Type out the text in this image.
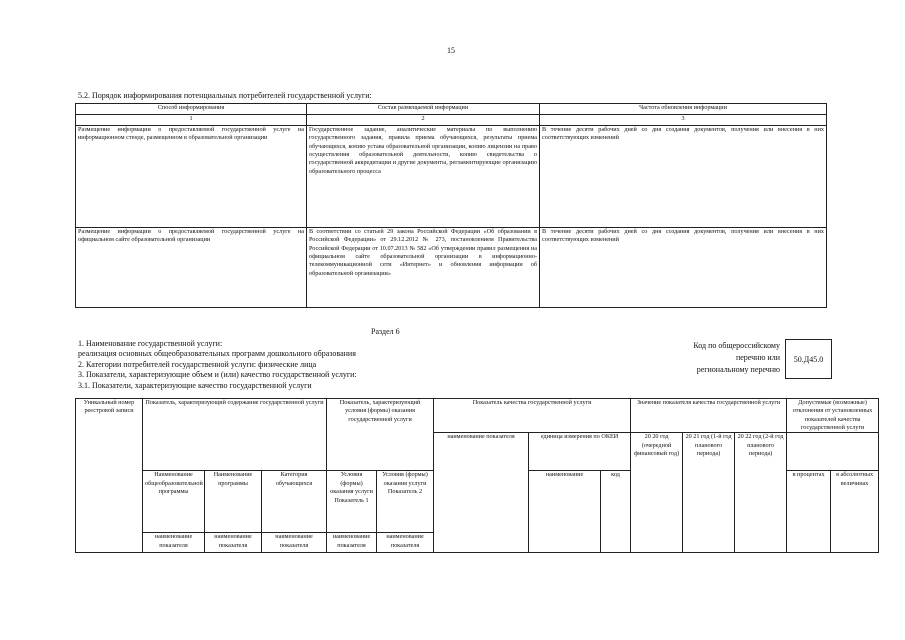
15
5.2. Порядок информирования потенциальных потребителей государственной услуги:
Способ информирования	Состав размещаемой информации	Частота обновления информации
1	2	3
Размещение информации о предоставляемой государственной услуге на информационном стенде, размещенном в образовательной организации	Государственное задание, аналитические материалы по выполнению государственного задания, правила приема обучающихся, результаты приема обучающихся, копию устава образовательной организации, копию лицензии на право осуществления образовательной деятельности, копию свидетельства о государственной аккредитации и другие документы, регламентирующие организацию образовательного процесса	В течение десяти рабочих дней со дня создания документов, получения или внесения в них соответствующих изменений
Размещение информации о предоставляемой государственной услуге на официальном сайте образовательной организации	В соответствии со статьей 29 закона Российской Федерации «Об образовании в Российской Федерации» от 29.12.2012 № 273, постановлением Правительства Российской Федерации от 10.07.2013 № 582 «Об утверждении правил размещения на официальном сайте образовательной организации в информационно-телекоммуникационной сети «Интернет» и обновления информации об образовательной организации»	В течение десяти рабочих дней со дня создания документов, получения или внесения в них соответствующих изменений
Раздел 6
1. Наименование государственной услуги:
реализация основных общеобразовательных программ дошкольного образования
2. Категории потребителей государственной услуги: физические лица
3. Показатели, характеризующие объем и (или) качество государственной услуги:
3.1. Показатели, характеризующие качество государственной услуги
Код по общероссийскому
перечню или
региональному перечню
50.Д45.0
Уникальный номер реестровой записи	Показатель, характеризующий содержание государственной услуги			Показатель, характеризующий условия (формы) оказания государственной услуги		Показатель качества государственной услуги			Значение показателя качества государственной услуги			Допустимые (возможные) отклонения от установленных показателей качества государственной услуги	
						наименование показателя	единица измерения по ОКЕИ		20 20 год (очередной финансовый год)	20 21 год (1-й год планового периода)	20 22 год (2-й год планового периода)		
	Наименование общеобразовательной программы	Наименование программы	Категория обучающихся	Условия (формы) оказания услуги Показатель 1	Условия (формы) оказания услуги Показатель 2		наименование	код				в процентах	в абсолютных величинах
	наименование показателя	наименование показателя	наименование показателя	наименование показателя	наименование показателя								
